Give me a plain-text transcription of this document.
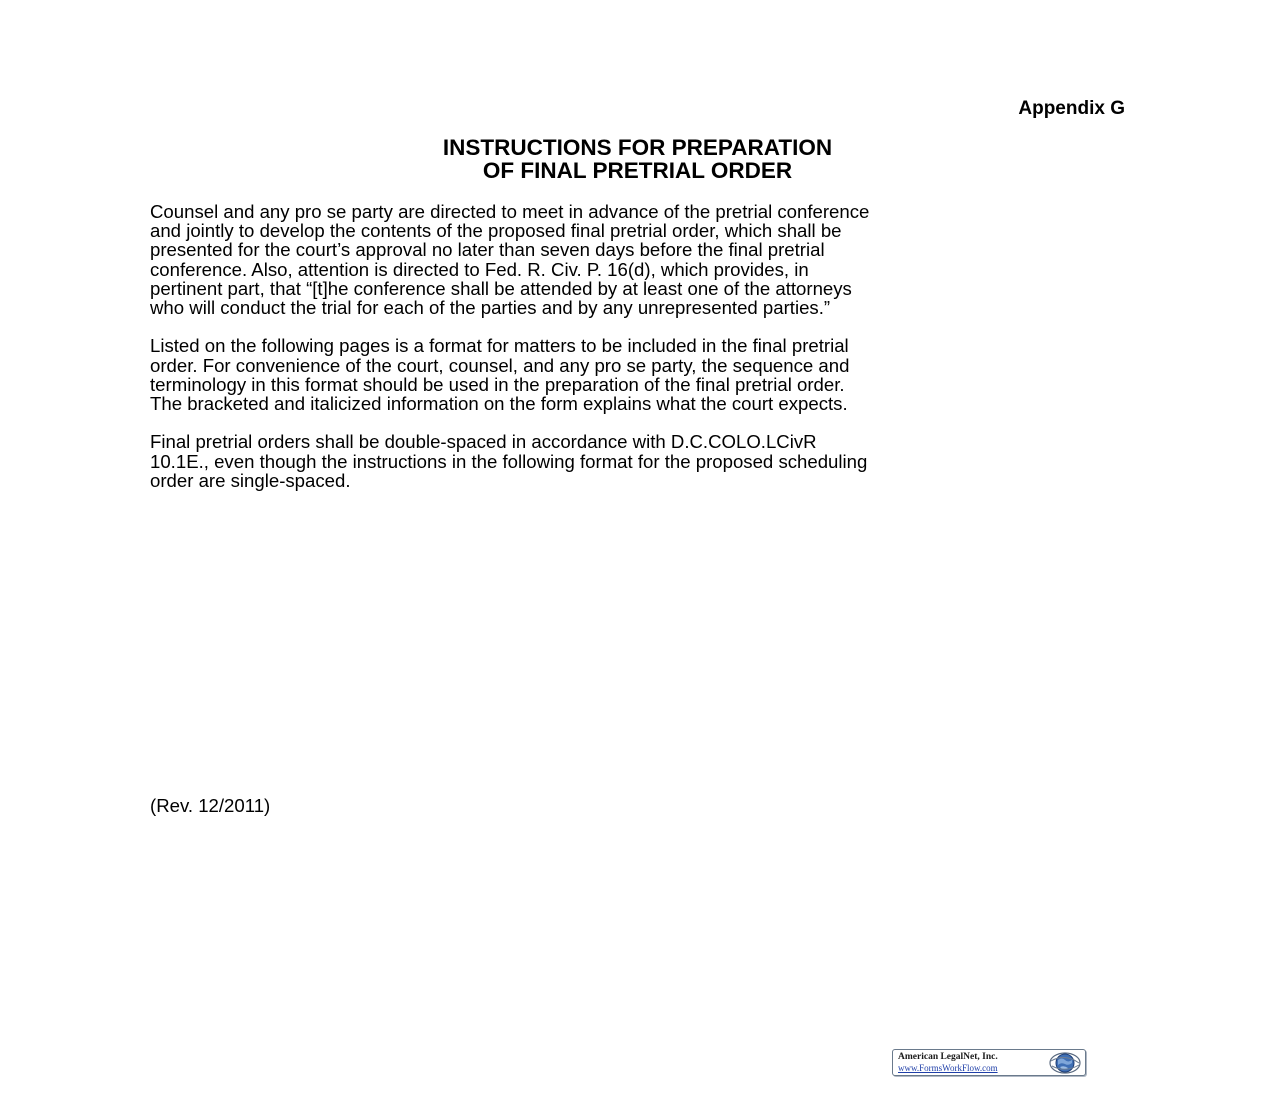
Appendix G
INSTRUCTIONS FOR PREPARATION
OF FINAL PRETRIAL ORDER

Counsel and any pro se party are directed to meet in advance of the pretrial conference
and jointly to develop the contents of the proposed final pretrial order, which shall be
presented for the court’s approval no later than seven days before the final pretrial
conference. Also, attention is directed to Fed. R. Civ. P. 16(d), which provides, in
pertinent part, that “[t]he conference shall be attended by at least one of the attorneys
who will conduct the trial for each of the parties and by any unrepresented parties.”

Listed on the following pages is a format for matters to be included in the final pretrial
order. For convenience of the court, counsel, and any pro se party, the sequence and
terminology in this format should be used in the preparation of the final pretrial order.
The bracketed and italicized information on the form explains what the court expects.

Final pretrial orders shall be double-spaced in accordance with D.C.COLO.LCivR
10.1E., even though the instructions in the following format for the proposed scheduling
order are single-spaced.

(Rev. 12/2011)
American LegalNet, Inc.
www.FormsWorkFlow.com
